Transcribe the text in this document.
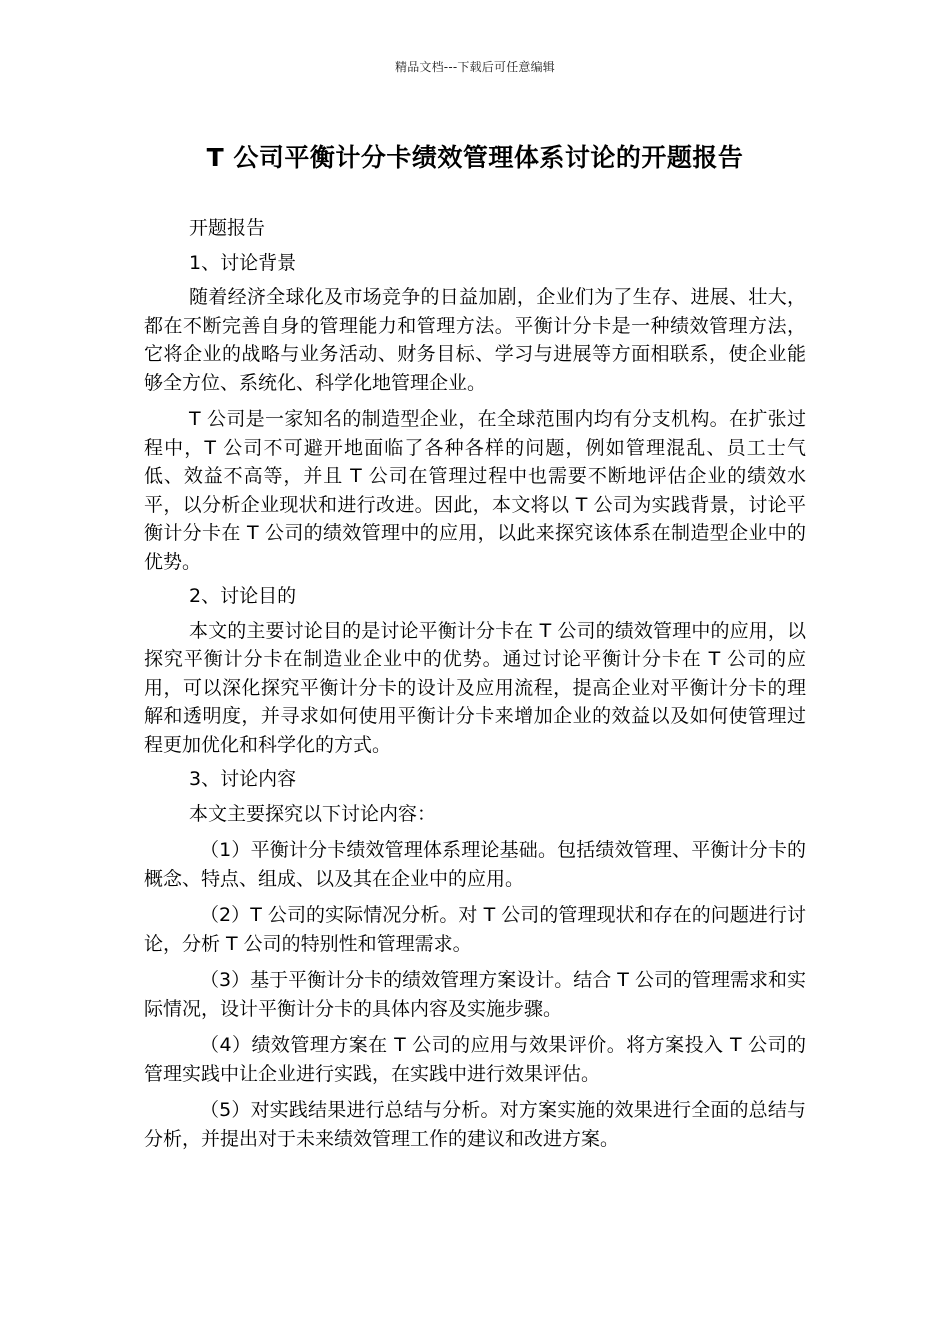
精品文档---下载后可任意编辑
T 公司平衡计分卡绩效管理体系讨论的开题报告

开题报告

1、讨论背景

随着经济全球化及市场竞争的日益加剧，企业们为了生存、进展、壮大，都在不断完善自身的管理能力和管理方法。平衡计分卡是一种绩效管理方法，它将企业的战略与业务活动、财务目标、学习与进展等方面相联系，使企业能够全方位、系统化、科学化地管理企业。

T 公司是一家知名的制造型企业，在全球范围内均有分支机构。在扩张过程中，T 公司不可避开地面临了各种各样的问题，例如管理混乱、员工士气低、效益不高等，并且 T 公司在管理过程中也需要不断地评估企业的绩效水平，以分析企业现状和进行改进。因此，本文将以 T 公司为实践背景，讨论平衡计分卡在 T 公司的绩效管理中的应用，以此来探究该体系在制造型企业中的优势。

2、讨论目的

本文的主要讨论目的是讨论平衡计分卡在 T 公司的绩效管理中的应用，以探究平衡计分卡在制造业企业中的优势。通过讨论平衡计分卡在 T 公司的应用，可以深化探究平衡计分卡的设计及应用流程，提高企业对平衡计分卡的理解和透明度，并寻求如何使用平衡计分卡来增加企业的效益以及如何使管理过程更加优化和科学化的方式。

3、讨论内容

本文主要探究以下讨论内容：

（1）平衡计分卡绩效管理体系理论基础。包括绩效管理、平衡计分卡的概念、特点、组成、以及其在企业中的应用。

（2）T 公司的实际情况分析。对 T 公司的管理现状和存在的问题进行讨论，分析 T 公司的特别性和管理需求。

（3）基于平衡计分卡的绩效管理方案设计。结合 T 公司的管理需求和实际情况，设计平衡计分卡的具体内容及实施步骤。

（4）绩效管理方案在 T 公司的应用与效果评价。将方案投入 T 公司的管理实践中让企业进行实践，在实践中进行效果评估。

（5）对实践结果进行总结与分析。对方案实施的效果进行全面的总结与分析，并提出对于未来绩效管理工作的建议和改进方案。
